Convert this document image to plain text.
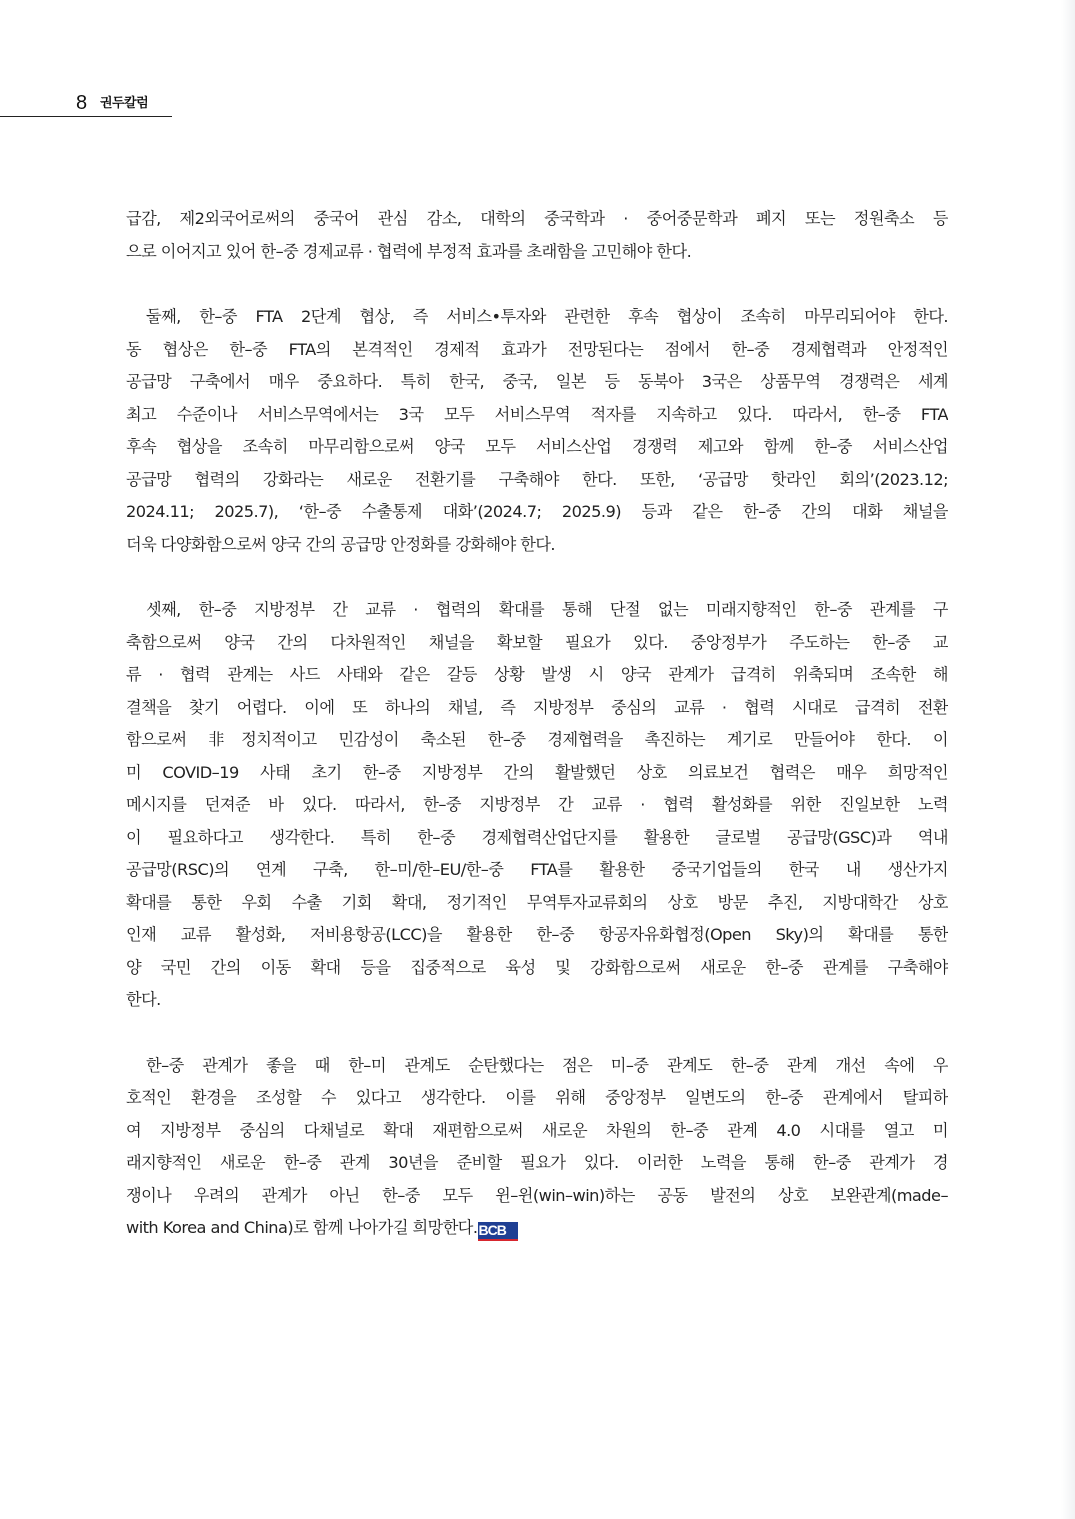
8 권두칼럼
급감, 제2외국어로써의 중국어 관심 감소, 대학의 중국학과 · 중어중문학과 폐지 또는 정원축소 등
으로 이어지고 있어 한–중 경제교류 · 협력에 부정적 효과를 초래함을 고민해야 한다.
둘째, 한–중 FTA 2단계 협상, 즉 서비스•투자와 관련한 후속 협상이 조속히 마무리되어야 한다.
동 협상은 한–중 FTA의 본격적인 경제적 효과가 전망된다는 점에서 한–중 경제협력과 안정적인
공급망 구축에서 매우 중요하다. 특히 한국, 중국, 일본 등 동북아 3국은 상품무역 경쟁력은 세계
최고 수준이나 서비스무역에서는 3국 모두 서비스무역 적자를 지속하고 있다. 따라서, 한–중 FTA
후속 협상을 조속히 마무리함으로써 양국 모두 서비스산업 경쟁력 제고와 함께 한–중 서비스산업
공급망 협력의 강화라는 새로운 전환기를 구축해야 한다. 또한, ‘공급망 핫라인 회의’(2023.12;
2024.11; 2025.7), ‘한–중 수출통제 대화’(2024.7; 2025.9) 등과 같은 한–중 간의 대화 채널을
더욱 다양화함으로써 양국 간의 공급망 안정화를 강화해야 한다.
셋째, 한–중 지방정부 간 교류 · 협력의 확대를 통해 단절 없는 미래지향적인 한–중 관계를 구
축함으로써 양국 간의 다차원적인 채널을 확보할 필요가 있다. 중앙정부가 주도하는 한–중 교
류 · 협력 관계는 사드 사태와 같은 갈등 상황 발생 시 양국 관계가 급격히 위축되며 조속한 해
결책을 찾기 어렵다. 이에 또 하나의 채널, 즉 지방정부 중심의 교류 · 협력 시대로 급격히 전환
함으로써 非정치적이고 민감성이 축소된 한–중 경제협력을 촉진하는 계기로 만들어야 한다. 이
미 COVID–19 사태 초기 한–중 지방정부 간의 활발했던 상호 의료보건 협력은 매우 희망적인
메시지를 던져준 바 있다. 따라서, 한–중 지방정부 간 교류 · 협력 활성화를 위한 진일보한 노력
이 필요하다고 생각한다. 특히 한–중 경제협력산업단지를 활용한 글로벌 공급망(GSC)과 역내
공급망(RSC)의 연계 구축, 한–미/한–EU/한–중 FTA를 활용한 중국기업들의 한국 내 생산가지
확대를 통한 우회 수출 기회 확대, 정기적인 무역투자교류회의 상호 방문 추진, 지방대학간 상호
인재 교류 활성화, 저비용항공(LCC)을 활용한 한–중 항공자유화협정(Open Sky)의 확대를 통한
양 국민 간의 이동 확대 등을 집중적으로 육성 및 강화함으로써 새로운 한–중 관계를 구축해야
한다.
한–중 관계가 좋을 때 한–미 관계도 순탄했다는 점은 미–중 관계도 한–중 관계 개선 속에 우
호적인 환경을 조성할 수 있다고 생각한다. 이를 위해 중앙정부 일변도의 한–중 관계에서 탈피하
여 지방정부 중심의 다채널로 확대 재편함으로써 새로운 차원의 한–중 관계 4.0 시대를 열고 미
래지향적인 새로운 한–중 관계 30년을 준비할 필요가 있다. 이러한 노력을 통해 한–중 관계가 경
쟁이나 우려의 관계가 아닌 한–중 모두 윈–윈(win–win)하는 공동 발전의 상호 보완관계(made–
with Korea and China)로 함께 나아가길 희망한다.BCB
